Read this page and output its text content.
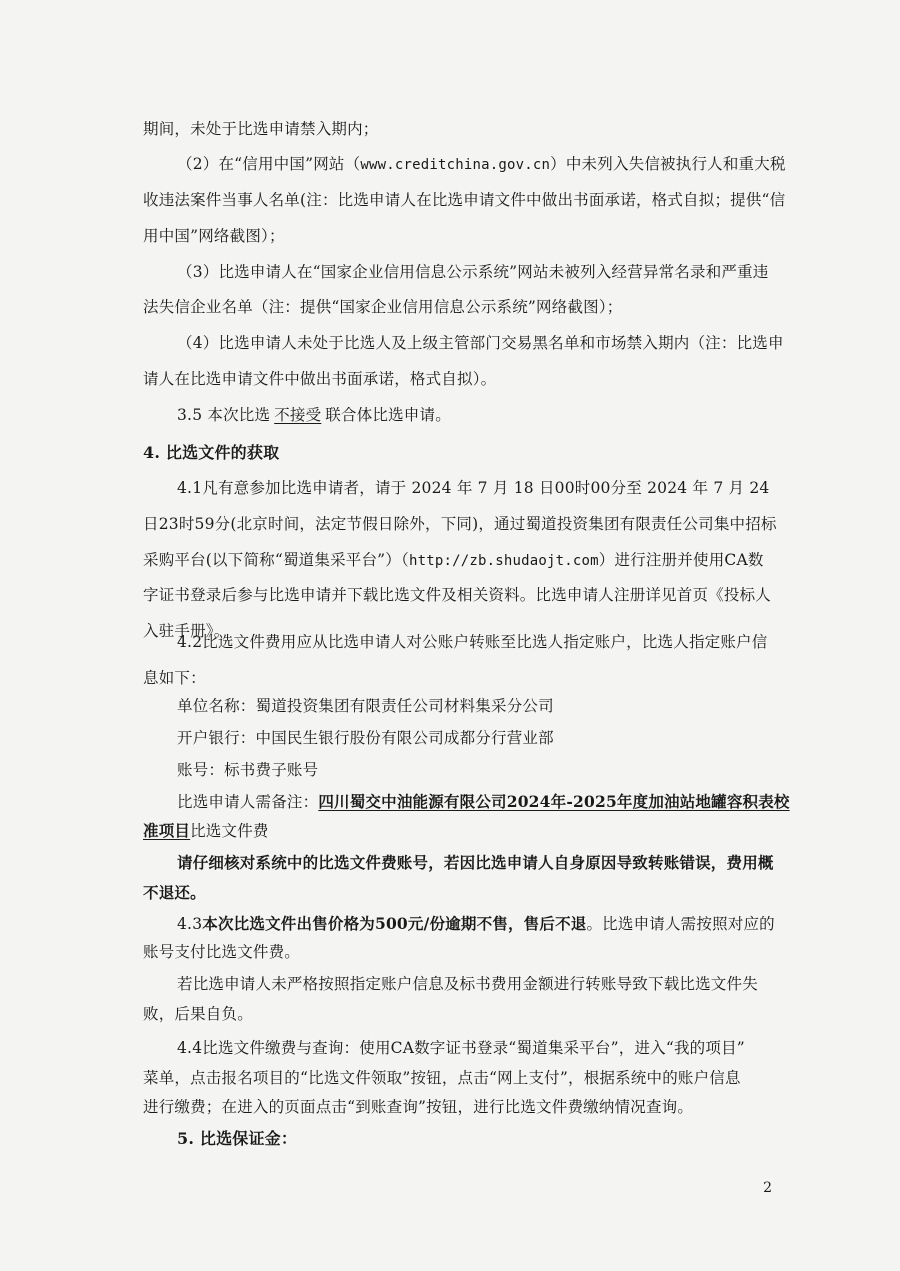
期间，未处于比选申请禁入期内；
（2）在“信用中国”网站（www.creditchina.gov.cn）中未列入失信被执行人和重大税
收违法案件当事人名单(注：比选申请人在比选申请文件中做出书面承诺，格式自拟；提供“信
用中国”网络截图）；
（3）比选申请人在“国家企业信用信息公示系统”网站未被列入经营异常名录和严重违
法失信企业名单（注：提供“国家企业信用信息公示系统”网络截图）；
（4）比选申请人未处于比选人及上级主管部门交易黑名单和市场禁入期内（注：比选申
请人在比选申请文件中做出书面承诺，格式自拟）。
3.5 本次比选 不接受 联合体比选申请。
4. 比选文件的获取
4.1凡有意参加比选申请者，请于 2024 年 7 月 18 日00时00分至 2024 年 7 月 24
日23时59分(北京时间，法定节假日除外，下同)，通过蜀道投资集团有限责任公司集中招标
采购平台(以下简称“蜀道集采平台”）（http://zb.shudaojt.com）进行注册并使用CA数
字证书登录后参与比选申请并下载比选文件及相关资料。比选申请人注册详见首页《投标人
入驻手册》。
4.2比选文件费用应从比选申请人对公账户转账至比选人指定账户，比选人指定账户信
息如下：
单位名称：蜀道投资集团有限责任公司材料集采分公司
开户银行：中国民生银行股份有限公司成都分行营业部
账号：标书费子账号
比选申请人需备注：四川蜀交中油能源有限公司2024年-2025年度加油站地罐容积表校
准项目比选文件费
请仔细核对系统中的比选文件费账号，若因比选申请人自身原因导致转账错误，费用概
不退还。
4.3本次比选文件出售价格为500元/份逾期不售，售后不退。比选申请人需按照对应的
账号支付比选文件费。
若比选申请人未严格按照指定账户信息及标书费用金额进行转账导致下载比选文件失
败，后果自负。
4.4比选文件缴费与查询：使用CA数字证书登录“蜀道集采平台”，进入“我的项目”
菜单，点击报名项目的“比选文件领取”按钮，点击“网上支付”，根据系统中的账户信息
进行缴费；在进入的页面点击“到账查询”按钮，进行比选文件费缴纳情况查询。
5. 比选保证金：
2
